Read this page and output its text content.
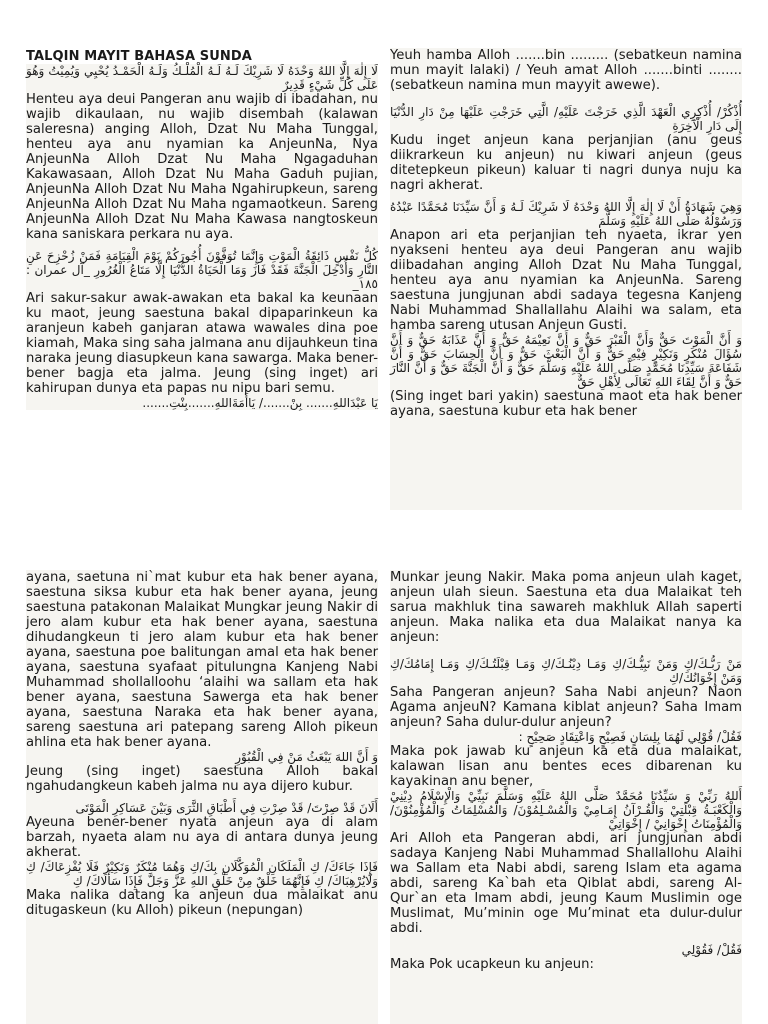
TALQIN MAYIT BAHASA SUNDA

لَا إِلٰهَ إِلَّا اللهُ وَحْدَهُ لَا شَرِيْكَ لَـهُ لَـهُ الْمُلْـكُ وَلَـهُ الْحَمْـدُ يُحْيِي وَيُمِيْتُ وَهُوَ عَلَى كُلِّ شَيْءٍ قَدِيرٌ

Henteu aya deui Pangeran anu wajib di ibadahan, nu wajib dikaulaan, nu wajib disembah (kalawan saleresna) anging Alloh, Dzat Nu Maha Tunggal, henteu aya anu nyamian ka AnjeunNa, Nya AnjeunNa Alloh Dzat Nu Maha Ngagaduhan Kakawasaan, Alloh Dzat Nu Maha Gaduh pujian, AnjeunNa Alloh Dzat Nu Maha Ngahirupkeun, sareng AnjeunNa Alloh Dzat Nu Maha ngamaotkeun. Sareng AnjeunNa Alloh Dzat Nu Maha Kawasa nangtoskeun kana saniskara perkara nu aya.

كُلُّ نَفْسٍ ذَائِقَةُ الْمَوْتِ وَإِنَّمَا تُوَفَّوْنَ أُجُورَكُمْ يَوْمَ الْقِيَامَةِ فَمَنْ زُحْزِحَ عَنِ النَّارِ وَأُدْخِلَ الْجَنَّةَ فَقَدْ فَازَ وَمَا الْحَيَاةُ الدُّنْيَا إِلَّا مَتَاعُ الْغُرُورِ _آل عمران : ١٨٥_

Ari sakur-sakur awak-awakan eta bakal ka keunaan ku maot, jeung saestuna bakal dipaparinkeun ka aranjeun kabeh ganjaran atawa wawales dina poe kiamah, Maka sing saha jalmana anu dijauhkeun tina naraka jeung diasupkeun kana sawarga. Maka bener-bener bagja eta jalma. Jeung (sing inget) ari kahirupan dunya eta papas nu nipu bari semu.

يَا عَبْدَاللهِ....... بِنْ......./ يَاأَمَةَاللهِ.......بِنْتِ.......

Yeuh hamba Alloh .......bin ......... (sebatkeun namina mun mayit lalaki) / Yeuh amat Alloh .......binti ........ (sebatkeun namina mun mayyit awewe).

أُذْكُرْ/ أُذْكِرِي الْعَهْدَ الَّذِي خَرَجْتَ عَلَيْهِ/ الَّتِي خَرَجْتِ عَلَيْهَا مِنْ دَارِ الدُّنْيَا إِلَى دَارِ الْآخِرَةِ

Kudu inget anjeun kana perjanjian (anu geus diikrarkeun ku anjeun) nu kiwari anjeun (geus ditetepkeun pikeun) kaluar ti nagri dunya nuju ka nagri akherat.

وَهِيَ شَهَادَةُ أَنْ لَا إِلٰهَ إِلَّا اللهُ وَحْدَهُ لَا شَرِيْكَ لَـهُ وَ أَنَّ سَيِّدَنَا مُحَمَّدًا عَبْدُهُ وَرَسُوْلُهُ صَلَّى اللهُ عَلَيْهِ وَسَلَّمَ

Anapon ari eta perjanjian teh nyaeta, ikrar yen nyakseni henteu aya deui Pangeran anu wajib diibadahan anging Alloh Dzat Nu Maha Tunggal, henteu aya anu nyamian ka AnjeunNa. Sareng saestuna jungjunan abdi sadaya tegesna Kanjeng Nabi Muhammad Shallallahu Alaihi wa salam, eta hamba sareng utusan Anjeun Gusti.

وَ أَنَّ الْمَوْتَ حَقٌّ وَأَنَّ الْقَبْرَ حَقٌّ وَ أَنَّ نَعِيْمَهُ حَقٌّ وَ أَنَّ عَذَابَهُ حَقٌّ وَ أَنَّ سُؤَالَ مُنْكَرٍ وَنَكِيْرٍ فِيْهِ حَقٌّ وَ أَنَّ الْبَعْثَ حَقٌّ وَ أَنَّ الْحِسَابَ حَقٌّ وَ أَنَّ شَفَاعَةَ سَيِّدِنَا مُحَمَّدٍ صَلَّى اللهُ عَلَيْهِ وَسَلَّمَ حَقٌّ وَ أَنَّ الْجَنَّةَ حَقٌّ وَ أَنَّ النَّارَ حَقٌّ وَ أَنَّ لِقَاءَ اللهِ تَعَالَى لِأَهْلِ حَقٌّ

(Sing inget bari yakin) saestuna maot eta hak bener ayana, saestuna kubur eta hak bener

ayana, saetuna ni`mat kubur eta hak bener ayana, saestuna siksa kubur eta hak bener ayana, jeung saestuna patakonan Malaikat Mungkar jeung Nakir di jero alam kubur eta hak bener ayana, saestuna dihudangkeun ti jero alam kubur eta hak bener ayana, saestuna poe balitungan amal eta hak bener ayana, saestuna syafaat pitulungna Kanjeng Nabi Muhammad shollalloohu ‘alaihi wa sallam eta hak bener ayana, saestuna Sawerga eta hak bener ayana, saestuna Naraka eta hak bener ayana, sareng saestuna ari patepang sareng Alloh pikeun ahlina eta hak bener ayana.

وَ أَنَّ اللهَ يَبْعَثُ مَنْ فِي الْقُبُوْرِ

Jeung (sing inget) saestuna Alloh bakal ngahudangkeun kabeh jalma nu aya dijero kubur.

أَلَانَ قَدْ صِرْتَ/ قَدْ صِرْتِ فِي أَطْبَاقِ الثَّرَى وَبَيْنَ عَسَاكِرِ الْمَوْتَى

Ayeuna bener-bener nyata anjeun aya di alam barzah, nyaeta alam nu aya di antara dunya jeung akherat.

فَإِذَا جَاءَكَ/ كِ الْمَلَكَانِ الْمُوَكَّلَانِ بِكَ/كِ وَهُمَا مُنْكَرٌ وَنَكِيْرٌ فَلَا يُفْزِعَاكَ/ كِ وَلَايُرْهِبَاكَ/ كِ فَإِنَّهُمَا خَلْقٌ مِنْ خَلْقِ اللهِ عَزَّ وَجَلَّ فَإِذَا سَأَلَاكَ/ كِ

Maka nalika datang ka anjeun dua malaikat anu ditugaskeun (ku Alloh) pikeun (nepungan)

Munkar jeung Nakir. Maka poma anjeun ulah kaget, anjeun ulah sieun. Saestuna eta dua Malaikat teh sarua makhluk tina sawareh makhluk Allah saperti anjeun. Maka nalika eta dua Malaikat nanya ka anjeun:

مَنْ رَبُّـكَ/كِ وَمَنْ نَبِيُّـكَ/كِ وَمَـا دِيْنُـكَ/كِ وَمَـا قِبْلَتُـكَ/كِ وَمَـا إِمَامُكَ/كِ وَمَنْ إِخْوَانُكَ/كِ

Saha Pangeran anjeun? Saha Nabi anjeun? Naon Agama anjeuN? Kamana kiblat anjeun? Saha Imam anjeun? Saha dulur-dulur anjeun?

فَقُلْ/ قُوْلِي لَهُمَا بِلِسَانٍ فَصِيْحٍ وَاعْتِقَادٍ صَحِيْحٍ :

Maka pok jawab ku anjeun ka eta dua malaikat, kalawan lisan anu bentes eces dibarenan ku kayakinan anu bener,

أَللهُ رَبِّيْ وَ سَيِّدُنَا مُحَمَّدٌ صَلَّى اللهُ عَلَيْهِ وَسَلَّمَ نَبِيِّيْ وَالْإِسْلَامُ دِيْنِيْ وَالْكَعْبَـةُ قِبْلَتِيْ وَالْقُـرْآنُ إِمَـامِيْ وَالْمُسْـلِمُوْنَ/ وَالْمُسْلِمَاتُ وَالْمُؤْمِنُوْنَ/ وَالْمُؤْمِنَاتُ إِخْوَانِيْ / إِخْوَاتِيْ

Ari Alloh eta Pangeran abdi, ari jungjunan abdi sadaya Kanjeng Nabi Muhammad Shallallohu Alaihi wa Sallam eta Nabi abdi, sareng Islam eta agama abdi, sareng Ka`bah eta Qiblat abdi, sareng Al-Qur`an eta Imam abdi, jeung Kaum Muslimin oge Muslimat, Mu’minin oge Mu’minat eta dulur-dulur abdi.

فَقُلْ/ فَقُوْلِي

Maka Pok ucapkeun ku anjeun:
